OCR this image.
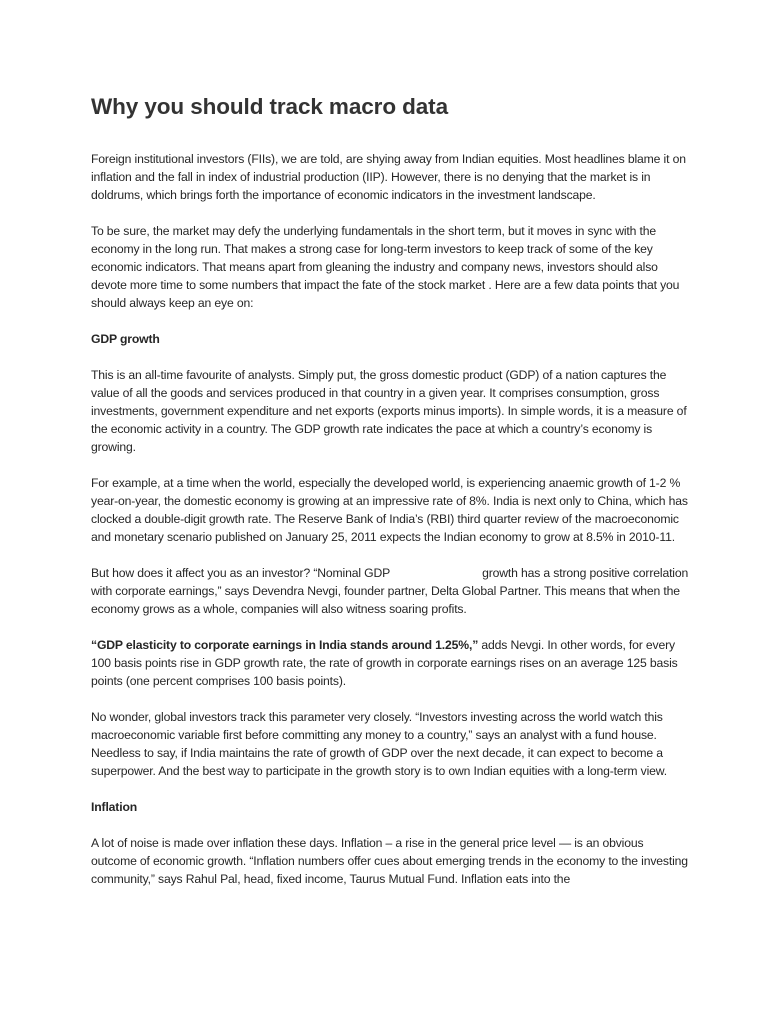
Why you should track macro data

Foreign institutional investors (FIIs), we are told, are shying away from Indian equities. Most headlines blame it on inflation and the fall in index of industrial production (IIP). However, there is no denying that the market is in doldrums, which brings forth the importance of economic indicators in the investment landscape.

To be sure, the market may defy the underlying fundamentals in the short term, but it moves in sync with the economy in the long run. That makes a strong case for long-term investors to keep track of some of the key economic indicators. That means apart from gleaning the industry and company news, investors should also devote more time to some numbers that impact the fate of the stock market . Here are a few data points that you should always keep an eye on:

GDP growth

This is an all-time favourite of analysts. Simply put, the gross domestic product (GDP) of a nation captures the value of all the goods and services produced in that country in a given year. It comprises consumption, gross investments, government expenditure and net exports (exports minus imports). In simple words, it is a measure of the economic activity in a country. The GDP growth rate indicates the pace at which a country’s economy is growing.

For example, at a time when the world, especially the developed world, is experiencing anaemic growth of 1-2 % year-on-year, the domestic economy is growing at an impressive rate of 8%. India is next only to China, which has clocked a double-digit growth rate. The Reserve Bank of India’s (RBI) third quarter review of the macroeconomic and monetary scenario published on January 25, 2011 expects the Indian economy to grow at 8.5% in 2010-11.

But how does it affect you as an investor? “Nominal GDP	growth has a strong positive correlation with corporate earnings,” says Devendra Nevgi, founder partner, Delta Global Partner. This means that when the economy grows as a whole, companies will also witness soaring profits.

“GDP elasticity to corporate earnings in India stands around 1.25%,” adds Nevgi. In other words, for every 100 basis points rise in GDP growth rate, the rate of growth in corporate earnings rises on an average 125 basis points (one percent comprises 100 basis points).

No wonder, global investors track this parameter very closely. “Investors investing across the world watch this macroeconomic variable first before committing any money to a country,” says an analyst with a fund house. Needless to say, if India maintains the rate of growth of GDP over the next decade, it can expect to become a superpower. And the best way to participate in the growth story is to own Indian equities with a long-term view.

Inflation

A lot of noise is made over inflation these days. Inflation – a rise in the general price level — is an obvious outcome of economic growth. “Inflation numbers offer cues about emerging trends in the economy to the investing community,” says Rahul Pal, head, fixed income, Taurus Mutual Fund. Inflation eats into the
